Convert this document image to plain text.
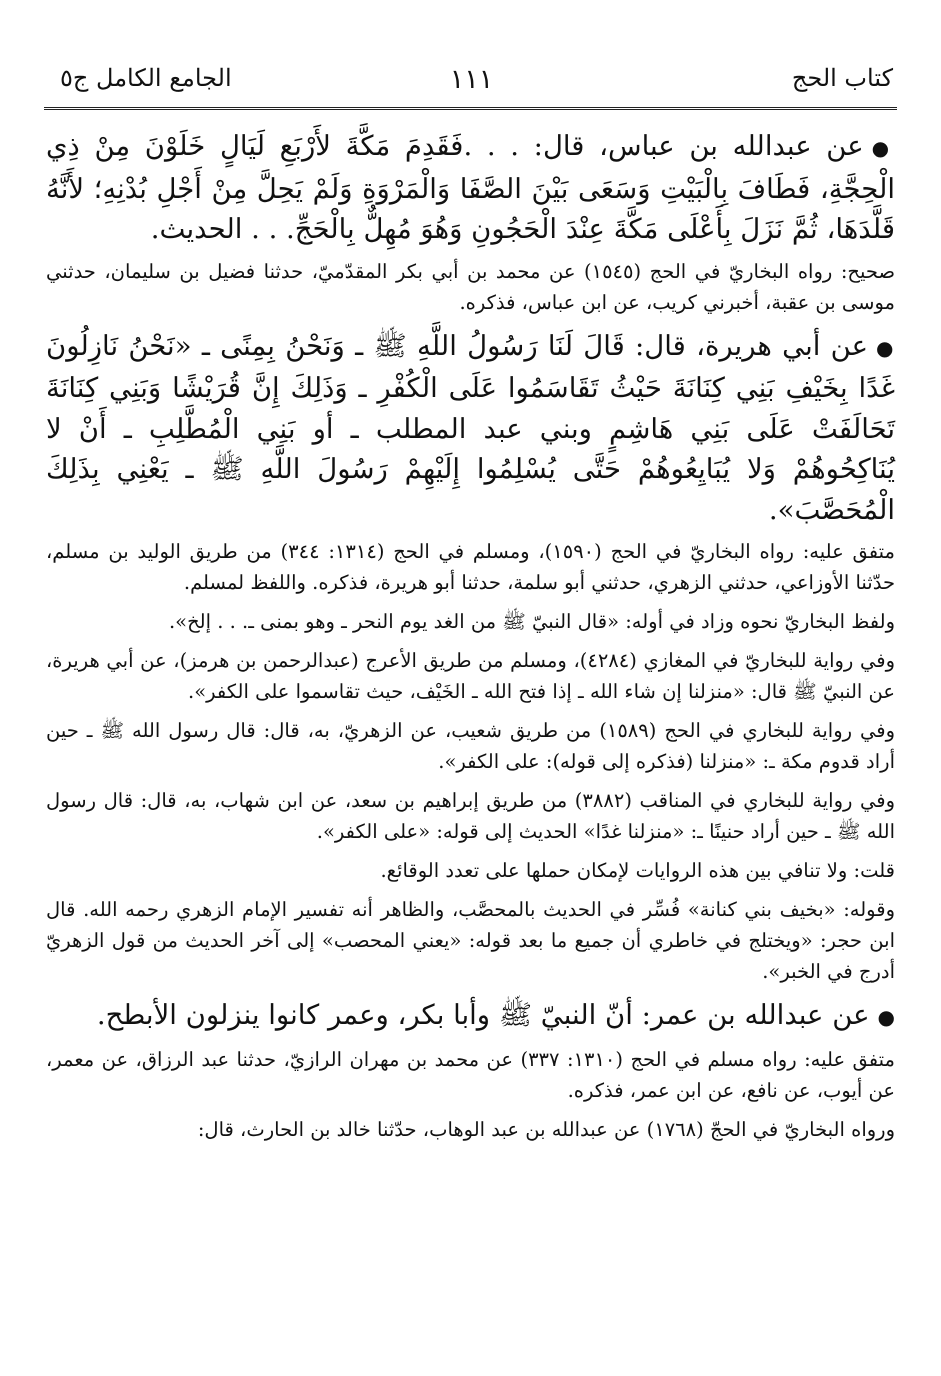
كتاب الحج
١١١
الجامع الكامل ج٥

●عن عبدالله بن عباس، قال: . . .فَقَدِمَ مَكَّةَ لأَرْبَعِ لَيَالٍ خَلَوْنَ مِنْ ذِي الْحِجَّةِ، فَطَافَ بِالْبَيْتِ وَسَعَى بَيْنَ الصَّفَا وَالْمَرْوَةِ وَلَمْ يَحِلَّ مِنْ أَجْلِ بُدْنِهِ؛ لأَنَّهُ قَلَّدَهَا، ثُمَّ نَزَلَ بِأَعْلَى مَكَّةَ عِنْدَ الْحَجُونِ وَهُوَ مُهِلٌّ بِالْحَجِّ. . . الحديث.

صحيح: رواه البخاريّ في الحج (١٥٤٥) عن محمد بن أبي بكر المقدّميّ، حدثنا فضيل بن سليمان، حدثني موسى بن عقبة، أخبرني كريب، عن ابن عباس، فذكره.

●عن أبي هريرة، قال: قَالَ لَنَا رَسُولُ اللَّهِ ﷺ ـ وَنَحْنُ بِمِنًى ـ «نَحْنُ نَازِلُونَ غَدًا بِخَيْفِ بَنِي كِنَانَةَ حَيْثُ تَقَاسَمُوا عَلَى الْكُفْرِ ـ وَذَلِكَ إِنَّ قُرَيْشًا وَبَنِي كِنَانَةَ تَحَالَفَتْ عَلَى بَنِي هَاشِمٍ وبني عبد المطلب ـ أو بَنِي الْمُطَّلِبِ ـ أَنْ لا يُنَاكِحُوهُمْ وَلا يُبَايِعُوهُمْ حَتَّى يُسْلِمُوا إِلَيْهِمْ رَسُولَ اللَّهِ ﷺ ـ يَعْنِي بِذَلِكَ الْمُحَصَّبَ».

متفق عليه: رواه البخاريّ في الحج (١٥٩٠)، ومسلم في الحج (١٣١٤: ٣٤٤) من طريق الوليد بن مسلم، حدّثنا الأوزاعي، حدثني الزهري، حدثني أبو سلمة، حدثنا أبو هريرة، فذكره. واللفظ لمسلم.

ولفظ البخاريّ نحوه وزاد في أوله: «قال النبيّ ﷺ من الغد يوم النحر ـ وهو بمنى ـ. . . إلخ».

وفي رواية للبخاريّ في المغازي (٤٢٨٤)، ومسلم من طريق الأعرج (عبدالرحمن بن هرمز)، عن أبي هريرة، عن النبيّ ﷺ قال: «منزلنا إن شاء الله ـ إذا فتح الله ـ الخَيْف، حيث تقاسموا على الكفر».

وفي رواية للبخاري في الحج (١٥٨٩) من طريق شعيب، عن الزهريّ، به، قال: قال رسول الله ﷺ ـ حين أراد قدوم مكة ـ: «منزلنا (فذكره إلى قوله): على الكفر».

وفي رواية للبخاري في المناقب (٣٨٨٢) من طريق إبراهيم بن سعد، عن ابن شهاب، به، قال: قال رسول الله ﷺ ـ حين أراد حنينًا ـ: «منزلنا غدًا» الحديث إلى قوله: «على الكفر».

قلت: ولا تنافي بين هذه الروايات لإمكان حملها على تعدد الوقائع.

وقوله: «بخيف بني كنانة» فُسِّر في الحديث بالمحصَّب، والظاهر أنه تفسير الإمام الزهري رحمه الله. قال ابن حجر: «ويختلج في خاطري أن جميع ما بعد قوله: «يعني المحصب» إلى آخر الحديث من قول الزهريّ أدرج في الخبر».

●عن عبدالله بن عمر: أنّ النبيّ ﷺ وأبا بكر، وعمر كانوا ينزلون الأبطح.

متفق عليه: رواه مسلم في الحج (١٣١٠: ٣٣٧) عن محمد بن مهران الرازيّ، حدثنا عبد الرزاق، عن معمر، عن أيوب، عن نافع، عن ابن عمر، فذكره.

ورواه البخاريّ في الحجّ (١٧٦٨) عن عبدالله بن عبد الوهاب، حدّثنا خالد بن الحارث، قال:
